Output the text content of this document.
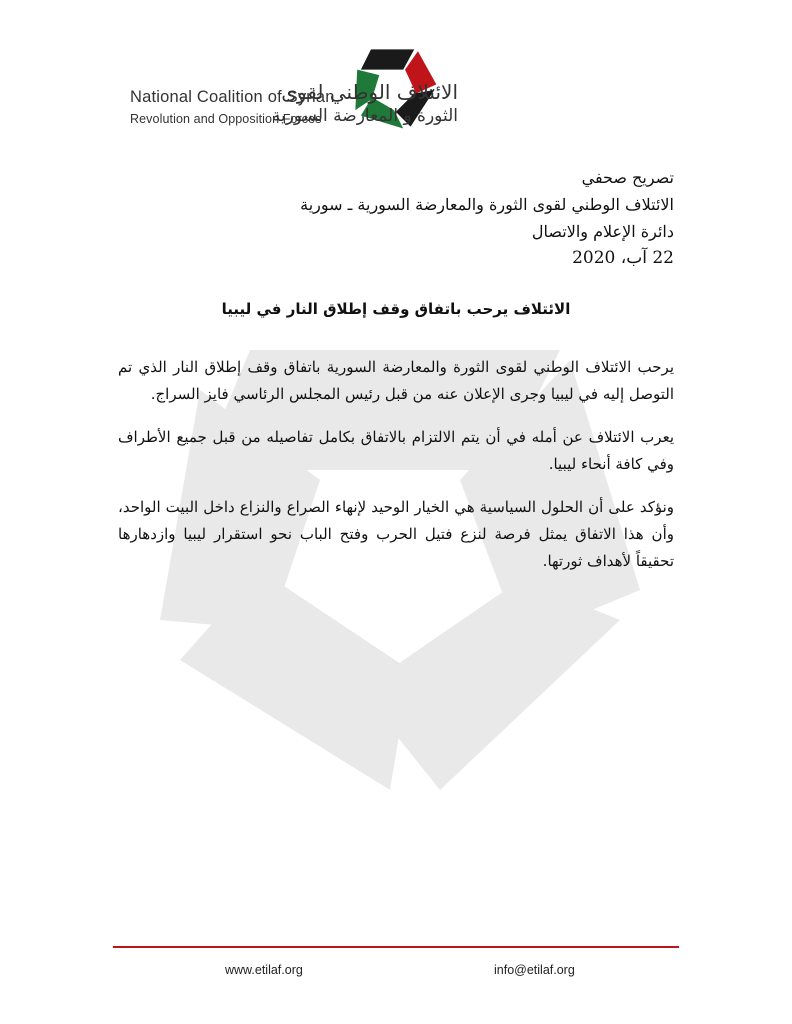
National Coalition of Syrian
Revolution and Opposition Forces
الائتلاف الوطني لقوى
الثورة و المعارضة السورية
تصريح صحفي
الائتلاف الوطني لقوى الثورة والمعارضة السورية ـ سورية
دائرة الإعلام والاتصال
22 آب، 2020
الائتلاف يرحب باتفاق وقف إطلاق النار في ليبيا

يرحب الائتلاف الوطني لقوى الثورة والمعارضة السورية باتفاق وقف إطلاق النار الذي تم التوصل إليه في ليبيا وجرى الإعلان عنه من قبل رئيس المجلس الرئاسي فايز السراج.

يعرب الائتلاف عن أمله في أن يتم الالتزام بالاتفاق بكامل تفاصيله من قبل جميع الأطراف وفي كافة أنحاء ليبيا.

ونؤكد على أن الحلول السياسية هي الخيار الوحيد لإنهاء الصراع والنزاع داخل البيت الواحد، وأن هذا الاتفاق يمثل فرصة لنزع فتيل الحرب وفتح الباب نحو استقرار ليبيا وازدهارها تحقيقاً لأهداف ثورتها.

www.etilaf.org	info@etilaf.org
